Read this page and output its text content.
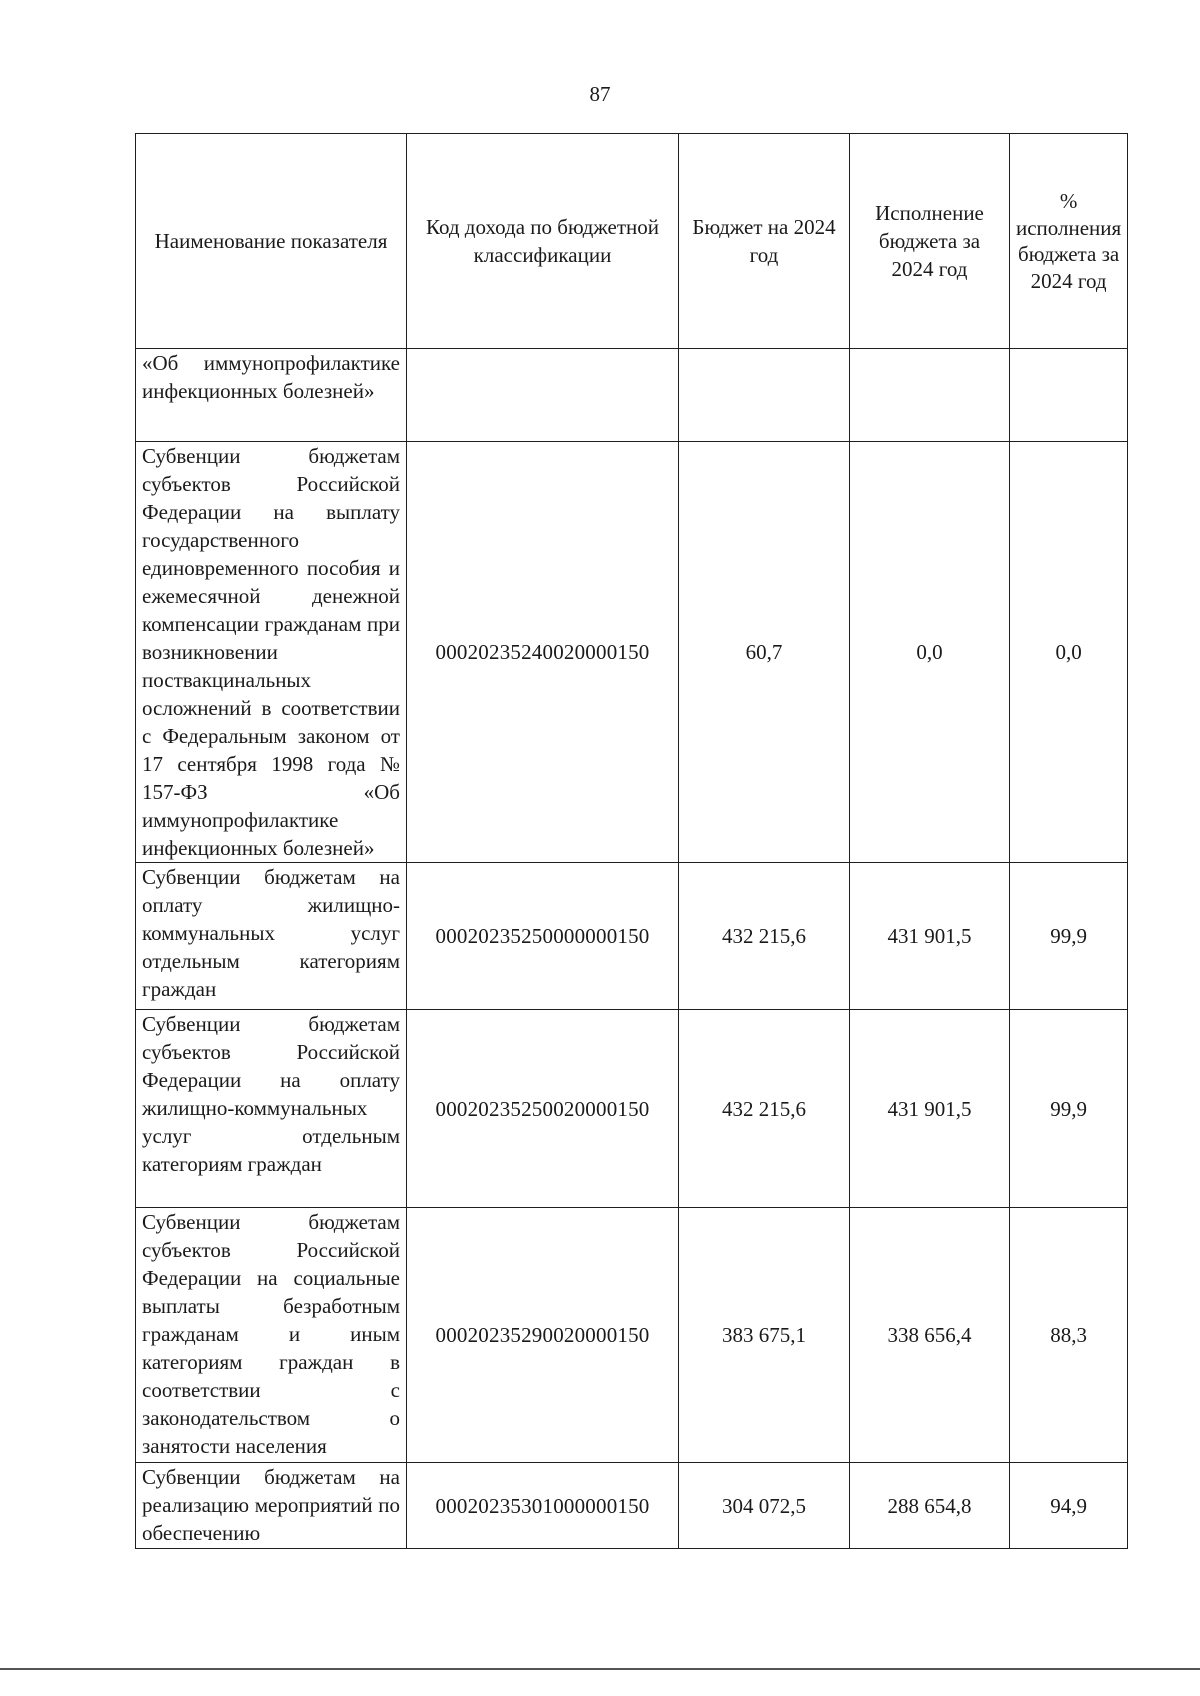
87
Наименование показателя	Код дохода по бюджетной классификации	Бюджет на 2024 год	Исполнение бюджета за 2024 год	% исполнения бюджета за 2024 год
«Об иммунопрофилактике инфекционных болезней»				
Субвенции бюджетам субъектов Российской Федерации на выплату государственного единовременного пособия и ежемесячной денежной компенсации гражданам при возникновении поствакцинальных осложнений в соответствии с Федеральным законом от 17 сентября 1998 года № 157-ФЗ «Об иммунопрофилактике инфекционных болезней»	00020235240020000150	60,7	0,0	0,0
Субвенции бюджетам на оплату жилищно-коммунальных услуг отдельным категориям граждан	00020235250000000150	432 215,6	431 901,5	99,9
Субвенции бюджетам субъектов Российской Федерации на оплату жилищно-коммунальных услуг отдельным категориям граждан	00020235250020000150	432 215,6	431 901,5	99,9
Субвенции бюджетам субъектов Российской Федерации на социальные выплаты безработным гражданам и иным категориям граждан в соответствии с законодательством о занятости населения	00020235290020000150	383 675,1	338 656,4	88,3
Субвенции бюджетам на реализацию мероприятий по обеспечению	00020235301000000150	304 072,5	288 654,8	94,9
